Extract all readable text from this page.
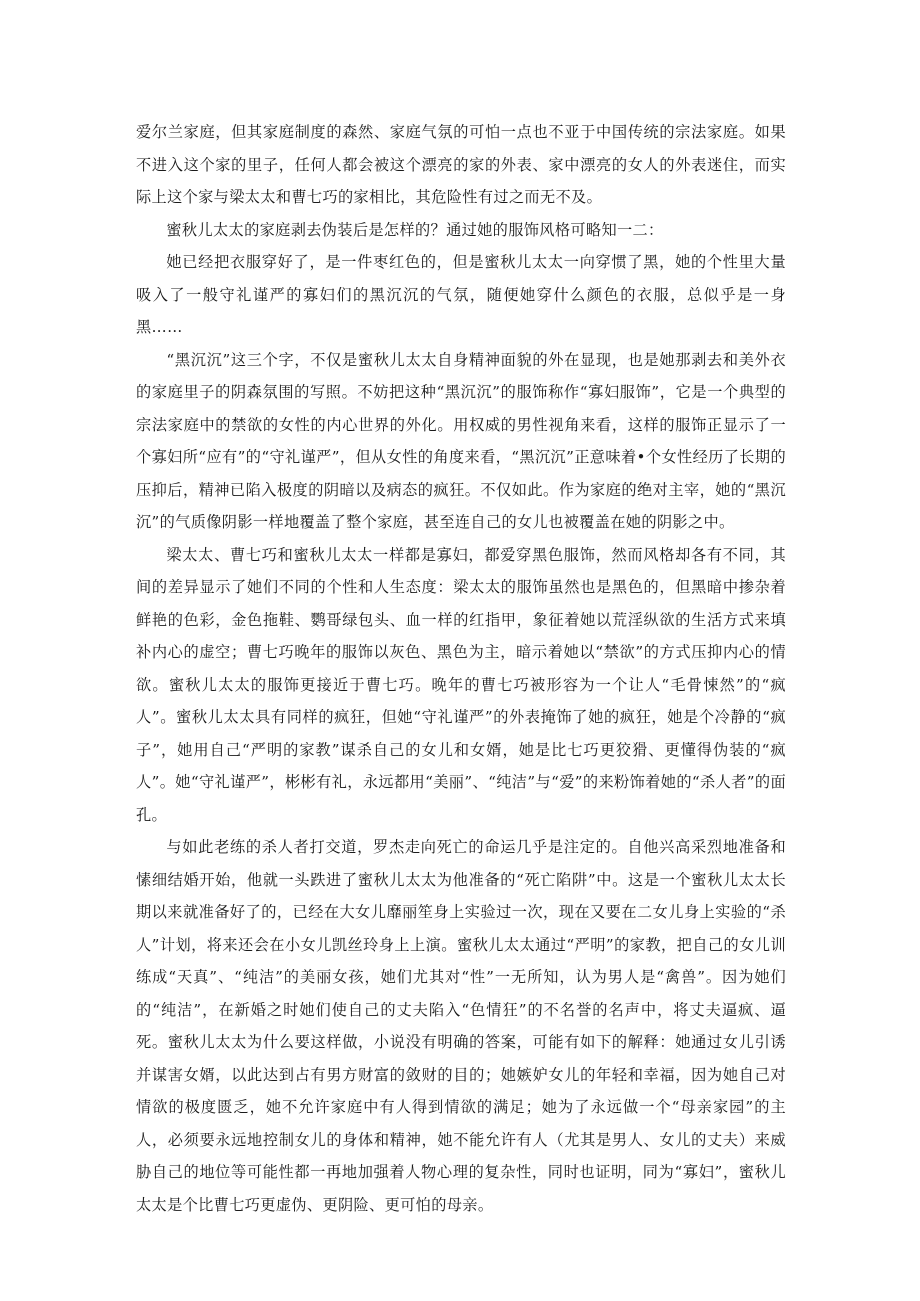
爱尔兰家庭，但其家庭制度的森然、家庭气氛的可怕一点也不亚于中国传统的宗法家庭。如果不进入这个家的里子，任何人都会被这个漂亮的家的外表、家中漂亮的女人的外表迷住，而实际上这个家与梁太太和曹七巧的家相比，其危险性有过之而无不及。

蜜秋儿太太的家庭剥去伪装后是怎样的？通过她的服饰风格可略知一二：

她已经把衣服穿好了，是一件枣红色的，但是蜜秋儿太太一向穿惯了黑，她的个性里大量吸入了一般守礼谨严的寡妇们的黑沉沉的气氛，随便她穿什么颜色的衣服，总似乎是一身黑……

“黑沉沉”这三个字，不仅是蜜秋儿太太自身精神面貌的外在显现，也是她那剥去和美外衣的家庭里子的阴森氛围的写照。不妨把这种“黑沉沉”的服饰称作“寡妇服饰”，它是一个典型的宗法家庭中的禁欲的女性的内心世界的外化。用权威的男性视角来看，这样的服饰正显示了一个寡妇所“应有”的“守礼谨严”，但从女性的角度来看，“黑沉沉”正意味着•个女性经历了长期的压抑后，精神已陷入极度的阴暗以及病态的疯狂。不仅如此。作为家庭的绝对主宰，她的“黑沉沉”的气质像阴影一样地覆盖了整个家庭，甚至连自己的女儿也被覆盖在她的阴影之中。

梁太太、曹七巧和蜜秋儿太太一样都是寡妇，都爱穿黑色服饰，然而风格却各有不同，其间的差异显示了她们不同的个性和人生态度：梁太太的服饰虽然也是黑色的，但黑暗中掺杂着鲜艳的色彩，金色拖鞋、鹦哥绿包头、血一样的红指甲，象征着她以荒淫纵欲的生活方式来填补内心的虚空；曹七巧晚年的服饰以灰色、黑色为主，暗示着她以“禁欲”的方式压抑内心的情欲。蜜秋儿太太的服饰更接近于曹七巧。晚年的曹七巧被形容为一个让人“毛骨悚然”的“疯人”。蜜秋儿太太具有同样的疯狂，但她“守礼谨严”的外表掩饰了她的疯狂，她是个冷静的“疯子”，她用自己“严明的家教”谋杀自己的女儿和女婿，她是比七巧更狡猾、更懂得伪装的“疯人”。她“守礼谨严”，彬彬有礼，永远都用“美丽”、“纯洁”与“爱”的来粉饰着她的“杀人者”的面孔。

与如此老练的杀人者打交道，罗杰走向死亡的命运几乎是注定的。自他兴高采烈地准备和愫细结婚开始，他就一头跌进了蜜秋儿太太为他准备的“死亡陷阱”中。这是一个蜜秋儿太太长期以来就准备好了的，已经在大女儿靡丽笙身上实验过一次，现在又要在二女儿身上实验的“杀人”计划，将来还会在小女儿凯丝玲身上上演。蜜秋儿太太通过“严明”的家教，把自己的女儿训练成“天真”、“纯洁”的美丽女孩，她们尤其对“性”一无所知，认为男人是“禽兽”。因为她们的“纯洁”，在新婚之时她们使自己的丈夫陷入“色情狂”的不名誉的名声中，将丈夫逼疯、逼死。蜜秋儿太太为什么要这样做，小说没有明确的答案，可能有如下的解释：她通过女儿引诱并谋害女婿，以此达到占有男方财富的敛财的目的；她嫉妒女儿的年轻和幸福，因为她自己对情欲的极度匮乏，她不允许家庭中有人得到情欲的满足；她为了永远做一个“母亲家园”的主人，必须要永远地控制女儿的身体和精神，她不能允许有人（尤其是男人、女儿的丈夫）来威胁自己的地位等可能性都一再地加强着人物心理的复杂性，同时也证明，同为“寡妇”，蜜秋儿太太是个比曹七巧更虚伪、更阴险、更可怕的母亲。
